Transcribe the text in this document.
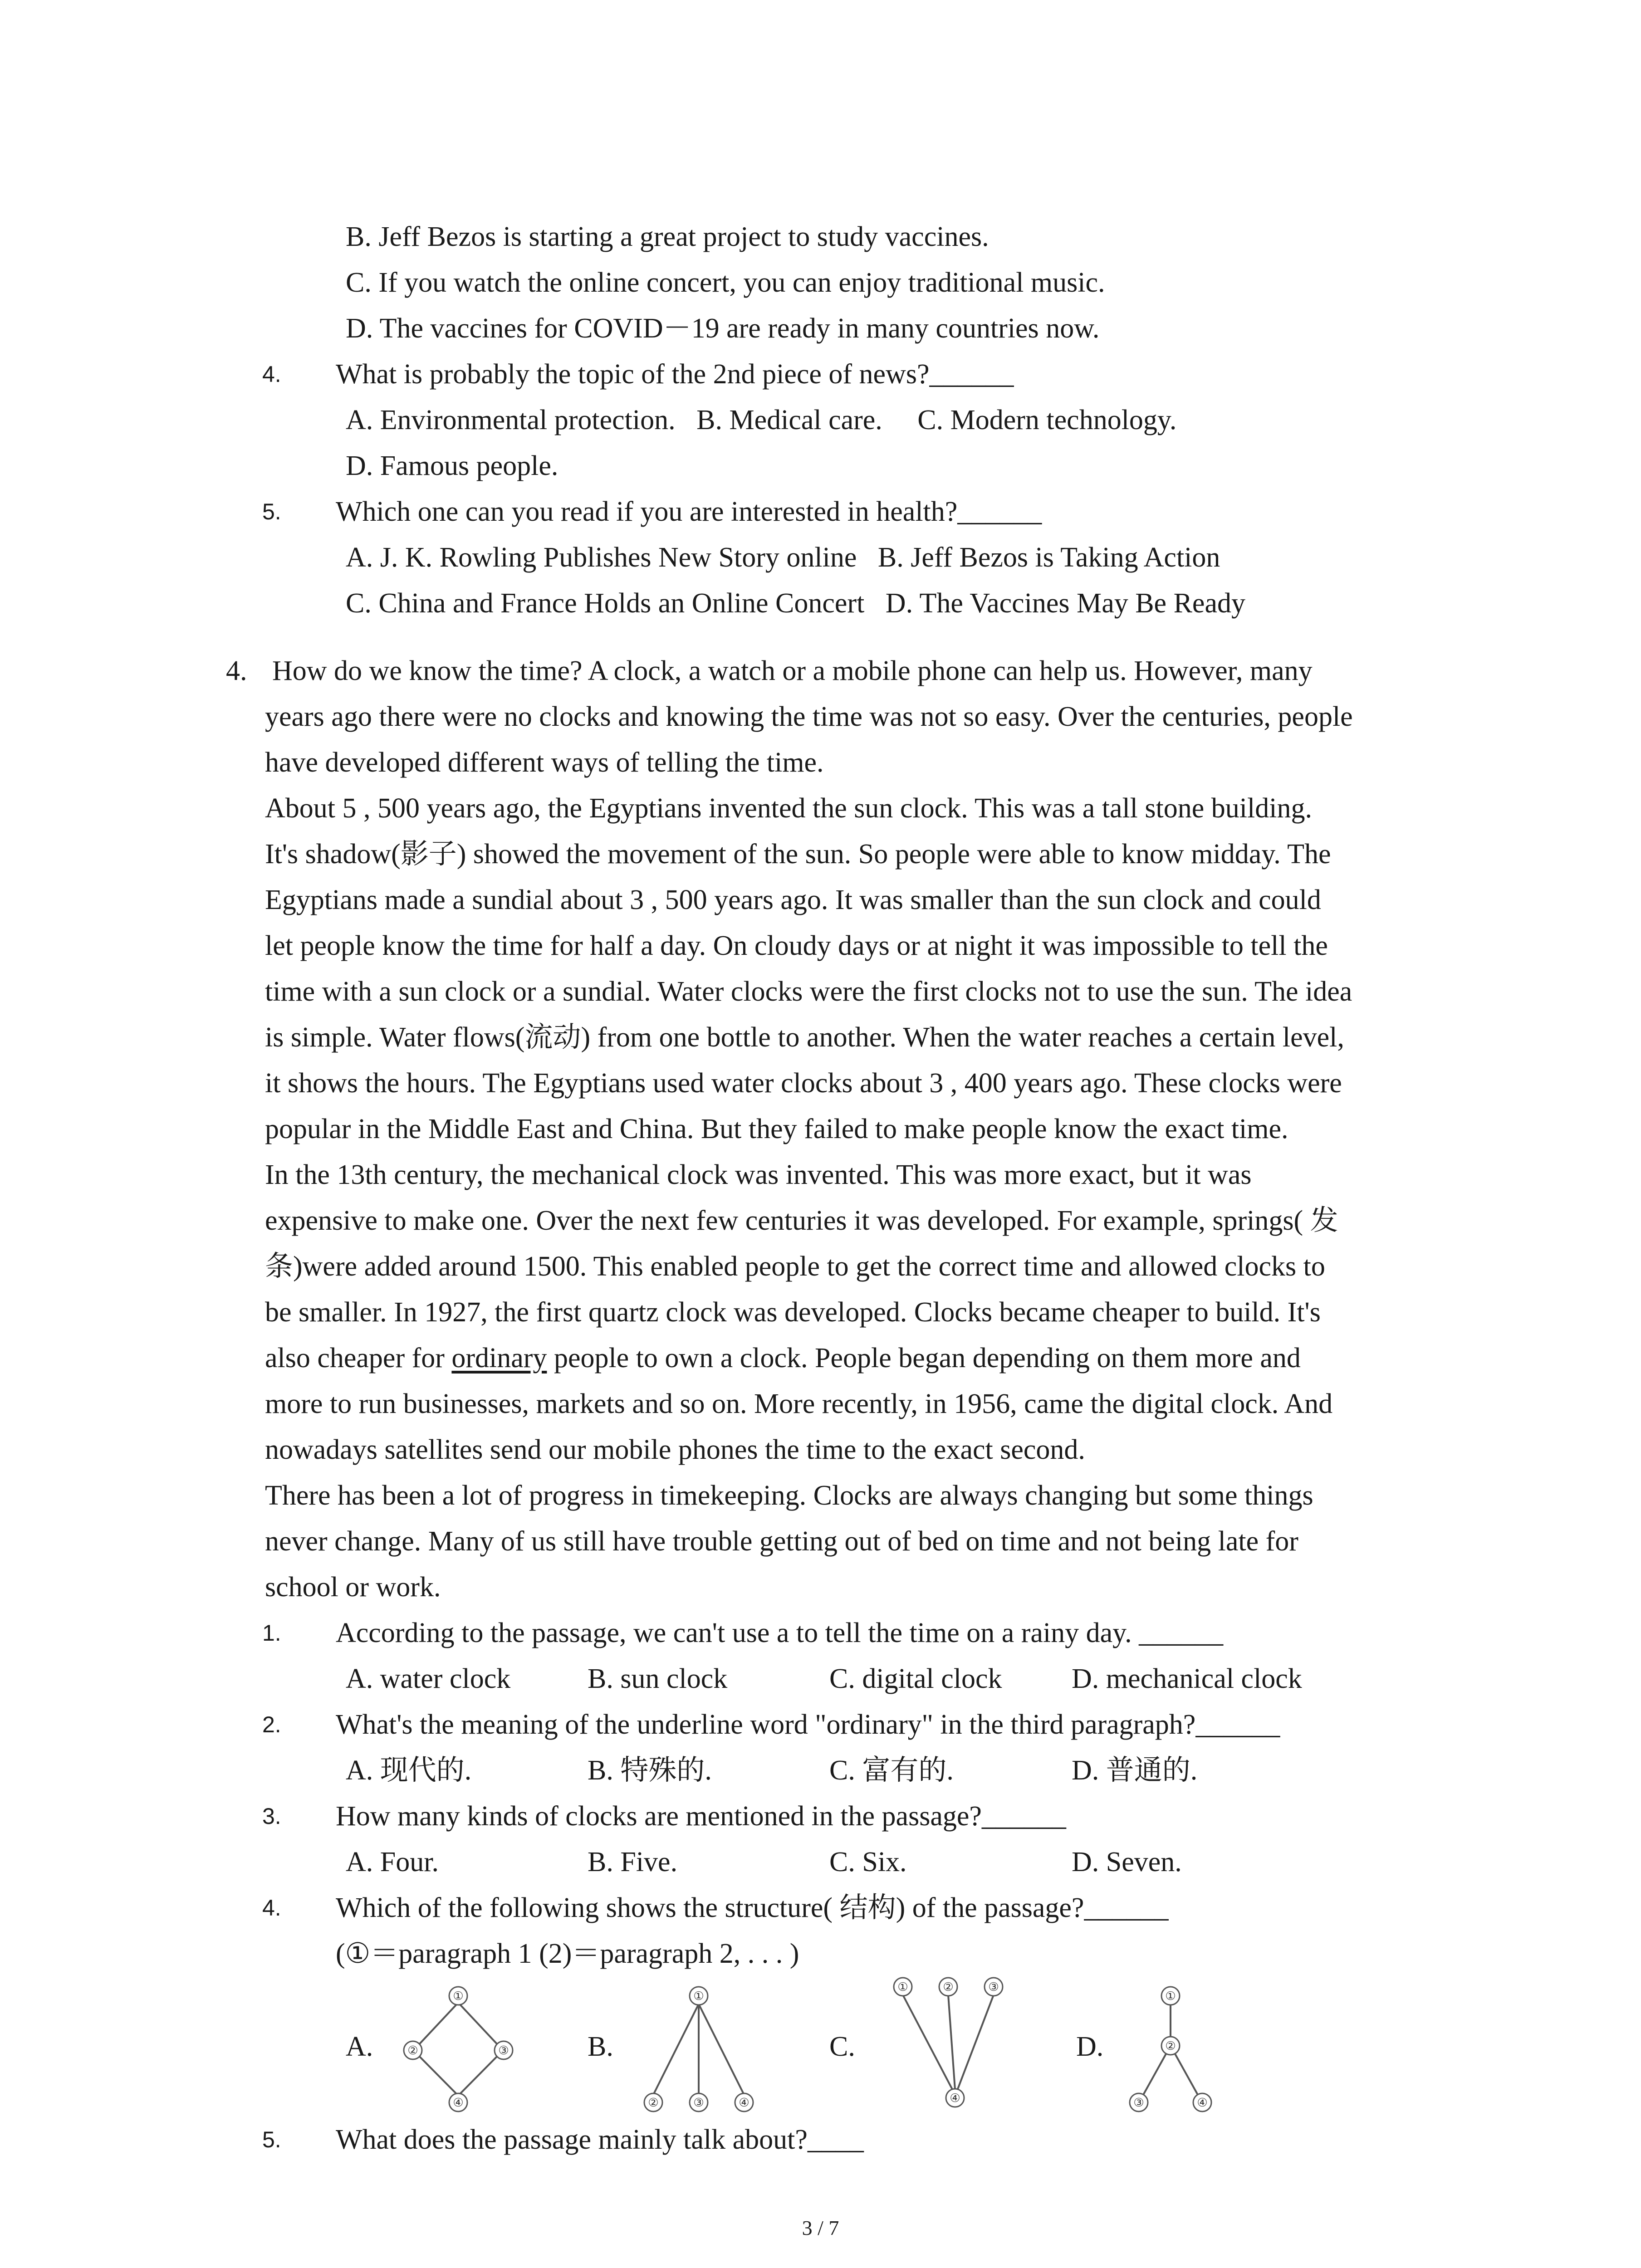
B. Jeff Bezos is starting a great project to study vaccines.
C. If you watch the online concert, you can enjoy traditional music.
D. The vaccines for COVID－19 are ready in many countries now.
4. What is probably the topic of the 2nd piece of news?______
A. Environmental protection.   B. Medical care.     C. Modern technology.
D. Famous people.
5. Which one can you read if you are interested in health?______
A. J. K. Rowling Publishes New Story online   B. Jeff Bezos is Taking Action
C. China and France Holds an Online Concert   D. The Vaccines May Be Ready
4. How do we know the time? A clock, a watch or a mobile phone can help us. However, many
years ago there were no clocks and knowing the time was not so easy. Over the centuries, people
have developed different ways of telling the time.
About 5 , 500 years ago, the Egyptians invented the sun clock. This was a tall stone building.
It's shadow(影子) showed the movement of the sun. So people were able to know midday. The
Egyptians made a sundial about 3 , 500 years ago. It was smaller than the sun clock and could
let people know the time for half a day. On cloudy days or at night it was impossible to tell the
time with a sun clock or a sundial. Water clocks were the first clocks not to use the sun. The idea
is simple. Water flows(流动) from one bottle to another. When the water reaches a certain level,
it shows the hours. The Egyptians used water clocks about 3 , 400 years ago. These clocks were
popular in the Middle East and China. But they failed to make people know the exact time.
In the 13th century, the mechanical clock was invented. This was more exact, but it was
expensive to make one. Over the next few centuries it was developed. For example, springs( 发
条)were added around 1500. This enabled people to get the correct time and allowed clocks to
be smaller. In 1927, the first quartz clock was developed. Clocks became cheaper to build. It's
also cheaper for ordinary people to own a clock. People began depending on them more and
more to run businesses, markets and so on. More recently, in 1956, came the digital clock. And
nowadays satellites send our mobile phones the time to the exact second.
There has been a lot of progress in timekeeping. Clocks are always changing but some things
never change. Many of us still have trouble getting out of bed on time and not being late for
school or work.
1. According to the passage, we can't use a to tell the time on a rainy day. ______
A. water clock	B. sun clock	C. digital clock D. mechanical clock
2. What's the meaning of the underline word "ordinary" in the third paragraph?______
A. 现代的.	B. 特殊的.	C. 富有的.	D. 普通的.
3. How many kinds of clocks are mentioned in the passage?______
A. Four.	B. Five.	C. Six.	D. Seven.
4. Which of the following shows the structure( 结构) of the passage?______
(①＝paragraph 1 (2)＝paragraph 2, . . . )
A.	B.	C.	D.
①
②	③
④
①
②	③	④
①	②	③
④
①
②
③	④
5. What does the passage mainly talk about?____
3 / 7
